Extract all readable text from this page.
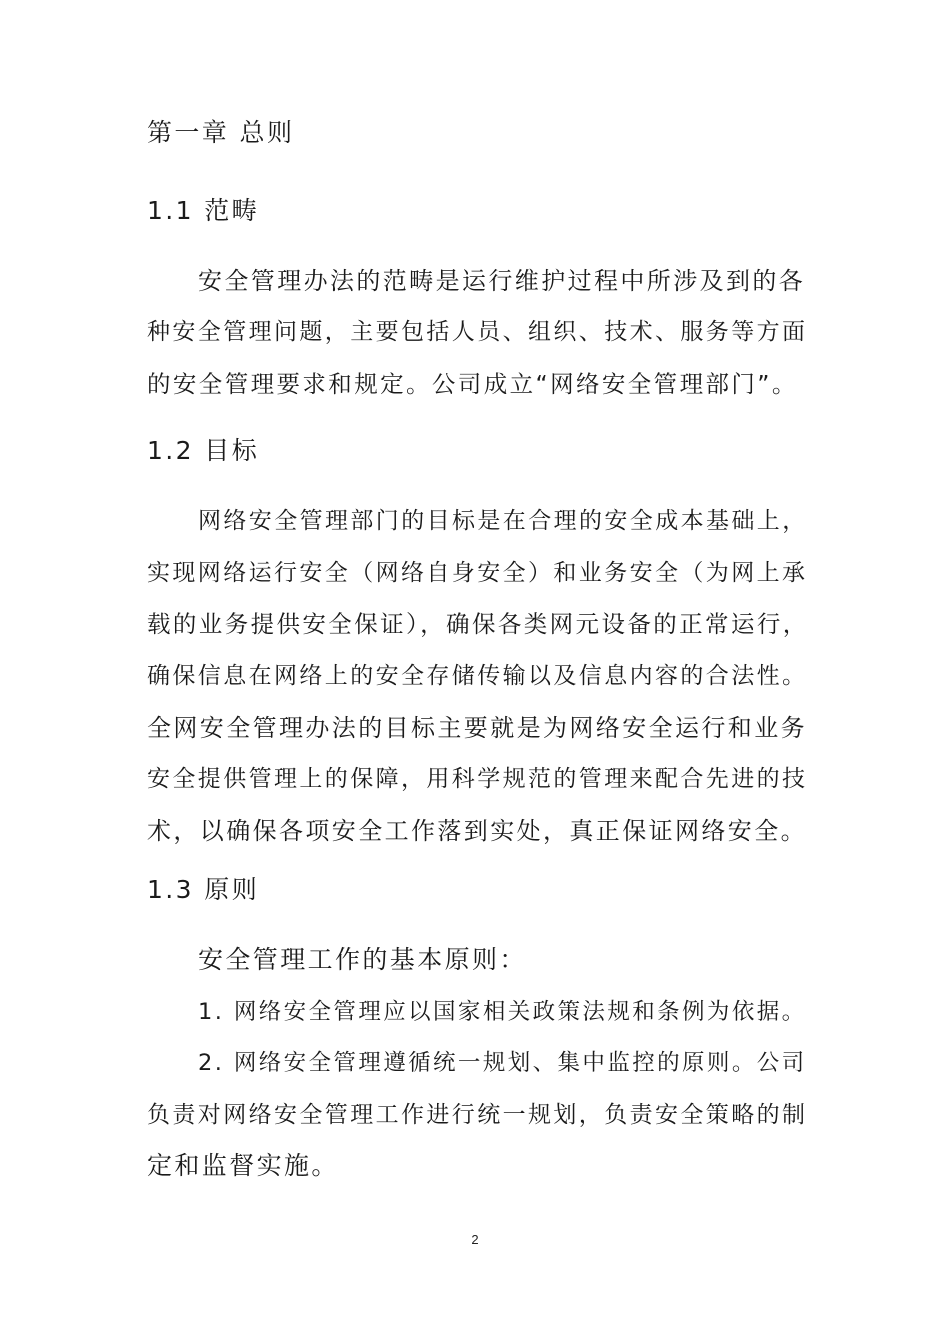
第一章 总则
1.1 范畴
安全管理办法的范畴是运行维护过程中所涉及到的各
种安全管理问题，主要包括人员、组织、技术、服务等方面
的安全管理要求和规定。公司成立“网络安全管理部门”。
1.2 目标
网络安全管理部门的目标是在合理的安全成本基础上，
实现网络运行安全（网络自身安全）和业务安全（为网上承
载的业务提供安全保证），确保各类网元设备的正常运行，
确保信息在网络上的安全存储传输以及信息内容的合法性。
全网安全管理办法的目标主要就是为网络安全运行和业务
安全提供管理上的保障，用科学规范的管理来配合先进的技
术，以确保各项安全工作落到实处，真正保证网络安全。
1.3 原则
安全管理工作的基本原则：
1. 网络安全管理应以国家相关政策法规和条例为依据。
2. 网络安全管理遵循统一规划、集中监控的原则。公司
负责对网络安全管理工作进行统一规划，负责安全策略的制
定和监督实施。
2
